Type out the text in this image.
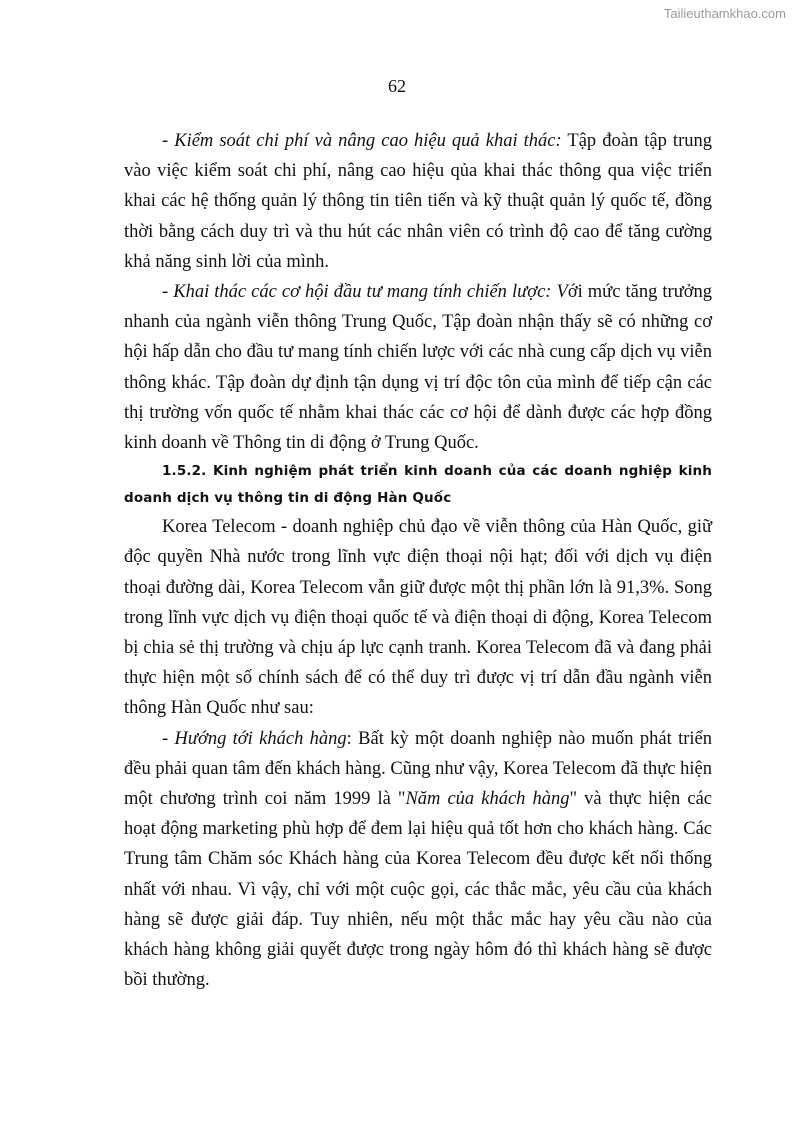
Tailieuthamkhao.com
62

- Kiểm soát chi phí và nâng cao hiệu quả khai thác: Tập đoàn tập trung vào việc kiểm soát chi phí, nâng cao hiệu qủa khai thác thông qua việc triển khai các hệ thống quản lý thông tin tiên tiến và kỹ thuật quản lý quốc tế, đồng thời bằng cách duy trì và thu hút các nhân viên có trình độ cao để tăng cường khả năng sinh lời của mình.

- Khai thác các cơ hội đầu tư mang tính chiến lược: Với mức tăng trưởng nhanh của ngành viễn thông Trung Quốc, Tập đoàn nhận thấy sẽ có những cơ hội hấp dẫn cho đầu tư mang tính chiến lược với các nhà cung cấp dịch vụ viễn thông khác. Tập đoàn dự định tận dụng vị trí độc tôn của mình để tiếp cận các thị trường vốn quốc tế nhằm khai thác các cơ hội để dành được các hợp đồng kinh doanh về Thông tin di động ở Trung Quốc.

1.5.2. Kinh nghiệm phát triển kinh doanh của các doanh nghiệp kinh doanh dịch vụ thông tin di động Hàn Quốc

Korea Telecom - doanh nghiệp chủ đạo về viễn thông của Hàn Quốc, giữ độc quyền Nhà nước trong lĩnh vực điện thoại nội hạt; đối với dịch vụ điện thoại đường dài, Korea Telecom vẫn giữ được một thị phần lớn là 91,3%. Song trong lĩnh vực dịch vụ điện thoại quốc tế và điện thoại di động, Korea Telecom bị chia sẻ thị trường và chịu áp lực cạnh tranh. Korea Telecom đã và đang phải thực hiện một số chính sách để có thể duy trì được vị trí dẫn đầu ngành viễn thông Hàn Quốc như sau:

- Hướng tới khách hàng: Bất kỳ một doanh nghiệp nào muốn phát triển đều phải quan tâm đến khách hàng. Cũng như vậy, Korea Telecom đã thực hiện một chương trình coi năm 1999 là "Năm của khách hàng" và thực hiện các hoạt động marketing phù hợp để đem lại hiệu quả tốt hơn cho khách hàng. Các Trung tâm Chăm sóc Khách hàng của Korea Telecom đều được kết nối thống nhất với nhau. Vì vậy, chỉ với một cuộc gọi, các thắc mắc, yêu cầu của khách hàng sẽ được giải đáp. Tuy nhiên, nếu một thắc mắc hay yêu cầu nào của khách hàng không giải quyết được trong ngày hôm đó thì khách hàng sẽ được bồi thường.
